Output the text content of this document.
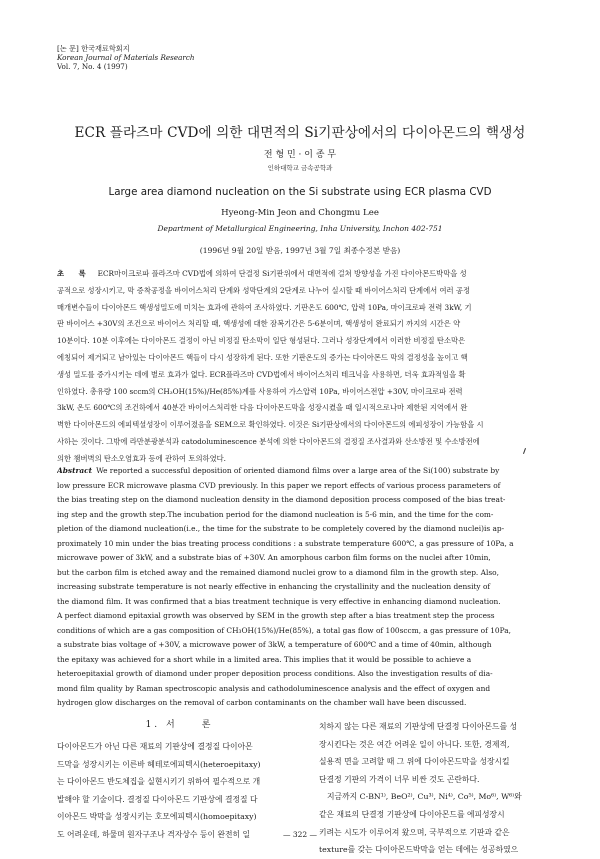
[논 문] 한국재료학회지
Korean Journal of Materials Research
Vol. 7, No. 4 (1997)
ECR 플라즈마 CVD에 의한 대면적의 Si기판상에서의 다이아몬드의 핵생성
전 형 민 · 이 종 무
인하대학교 금속공학과
Large area diamond nucleation on the Si substrate using ECR plasma CVD
Hyeong-Min Jeon and Chongmu Lee
Department of Metallurgical Engineering, Inha University, Inchon 402-751
(1996년 9월 20일 받음, 1997년 3월 7일 최종수정본 받음)
초 록 ECR마이크로파 플라즈마 CVD법에 의하여 단결정 Si기판위에서 대면적에 걸쳐 방향성을 가진 다이아몬드박막을 성
공적으로 성장시키고, 막 증착공정을 바이어스처리 단계와 성막단계의 2단계로 나누어 실시할 때 바이어스처리 단계에서 여러 공정
매개변수들이 다이아몬드 핵생성밀도에 미치는 효과에 관하여 조사하였다. 기판온도 600℃, 압력 10Pa, 마이크로파 전력 3kW, 기
판 바이어스 +30V의 조건으로 바이어스 처리할 때, 핵생성에 대한 잠복기간은 5-6분이며, 핵생성이 완료되기 까지의 시간은 약
10분이다. 10분 이후에는 다이아몬드 결정이 아닌 비정질 탄소막이 일단 형성된다. 그러나 성장단계에서 이러한 비정질 탄소막은
에칭되어 제거되고 남아있는 다이아몬드 핵들이 다시 성장하게 된다. 또한 기판온도의 증가는 다이아몬드 막의 결정성을 높이고 핵
생성 밀도를 증가시키는 데에 별로 효과가 없다. ECR플라즈마 CVD법에서 바이어스처리 테크닉을 사용하면, 더욱 효과적임을 확
인하였다. 총유량 100 sccm의 CH₃OH(15%)/He(85%)계를 사용하여 가스압력 10Pa, 바이어스전압 +30V, 마이크로파 전력
3kW, 온도 600℃의 조건하에서 40분간 바이어스처리한 다음 다이아몬드막을 성장시켰을 때 일시적으로나마 제한된 지역에서 완
벽한 다이아몬드의 에피텍셜성장이 이루어졌음을 SEM으로 확인하였다. 이것은 Si기판상에서의 다이아몬드의 에피성장이 가능함을 시
사하는 것이다. 그밖에 라만분광분석과 catodoluminescence 분석에 의한 다이아몬드의 결정질 조사결과와 산소방전 및 수소방전에
의한 챔버벽의 탄소오염효과 등에 관하여 토의하였다.
Abstract We reported a successful deposition of oriented diamond films over a large area of the Si(100) substrate by
low pressure ECR microwave plasma CVD previously. In this paper we report effects of various process parameters of
the bias treating step on the diamond nucleation density in the diamond deposition process composed of the bias treat-
ing step and the growth step.The incubation period for the diamond nucleation is 5-6 min, and the time for the com-
pletion of the diamond nucleation(i.e., the time for the substrate to be completely covered by the diamond nuclei)is ap-
proximately 10 min under the bias treating process conditions : a substrate temperature 600℃, a gas pressure of 10Pa, a
microwave power of 3kW, and a substrate bias of +30V. An amorphous carbon film forms on the nuclei after 10min,
but the carbon film is etched away and the remained diamond nuclei grow to a diamond film in the growth step. Also,
increasing substrate temperature is not nearly effective in enhancing the crystallinity and the nucleation density of
the diamond film. It was confirmed that a bias treatment technique is very effective in enhancing diamond nucleation.
A perfect diamond epitaxial growth was observed by SEM in the growth step after a bias treatment step the process
conditions of which are a gas composition of CH₃OH(15%)/He(85%), a total gas flow of 100sccm, a gas pressure of 10Pa,
a substrate bias voltage of +30V, a microwave power of 3kW, a temperature of 600℃ and a time of 40min, although
the epitaxy was achieved for a short while in a limited area. This implies that it would be possible to achieve a
heteroepitaxial growth of diamond under proper deposition process conditions. Also the investigation results of dia-
mond film quality by Raman spectroscopic analysis and cathodoluminescence analysis and the effect of oxygen and
hydrogen glow discharges on the removal of carbon contaminants on the chamber wall have been discussed.
1. 서	론
다이아몬드가 아닌 다른 재료의 기판상에 결정질 다이아몬
드막을 성장시키는 이른바 헤테로에피텍시(heteroepitaxy)
는 다이아몬드 반도체집을 실현시키기 위하여 필수적으로 개
발해야 할 기술이다. 결정질 다이아몬드 기판상에 결정질 다
이아몬드 박막을 성장시키는 호모에피텍시(homoepitaxy)
도 어려운데, 하물며 원자구조나 격자상수 등이 완전히 일
치하지 않는 다른 재료의 기판상에 단결정 다이아몬드를 성
장시킨다는 것은 여간 어려운 일이 아니다. 또한, 경제적,
실용적 면을 고려할 때 그 위에 다이아몬드막을 성장시킬
단결정 기판의 가격이 너무 비싼 것도 곤란하다.
지금까지 C-BN¹⁾, BeO²⁾, Cu³⁾, Ni⁴⁾, Co⁵⁾, Mo⁶⁾, W⁶⁾와
같은 재료의 단결정 기판상에 다이아몬드를 에피성장시
키려는 시도가 이루어져 왔으며, 국부적으로 기판과 같은
texture를 갖는 다이아몬드박막을 얻는 데에는 성공하였으
— 322 —
